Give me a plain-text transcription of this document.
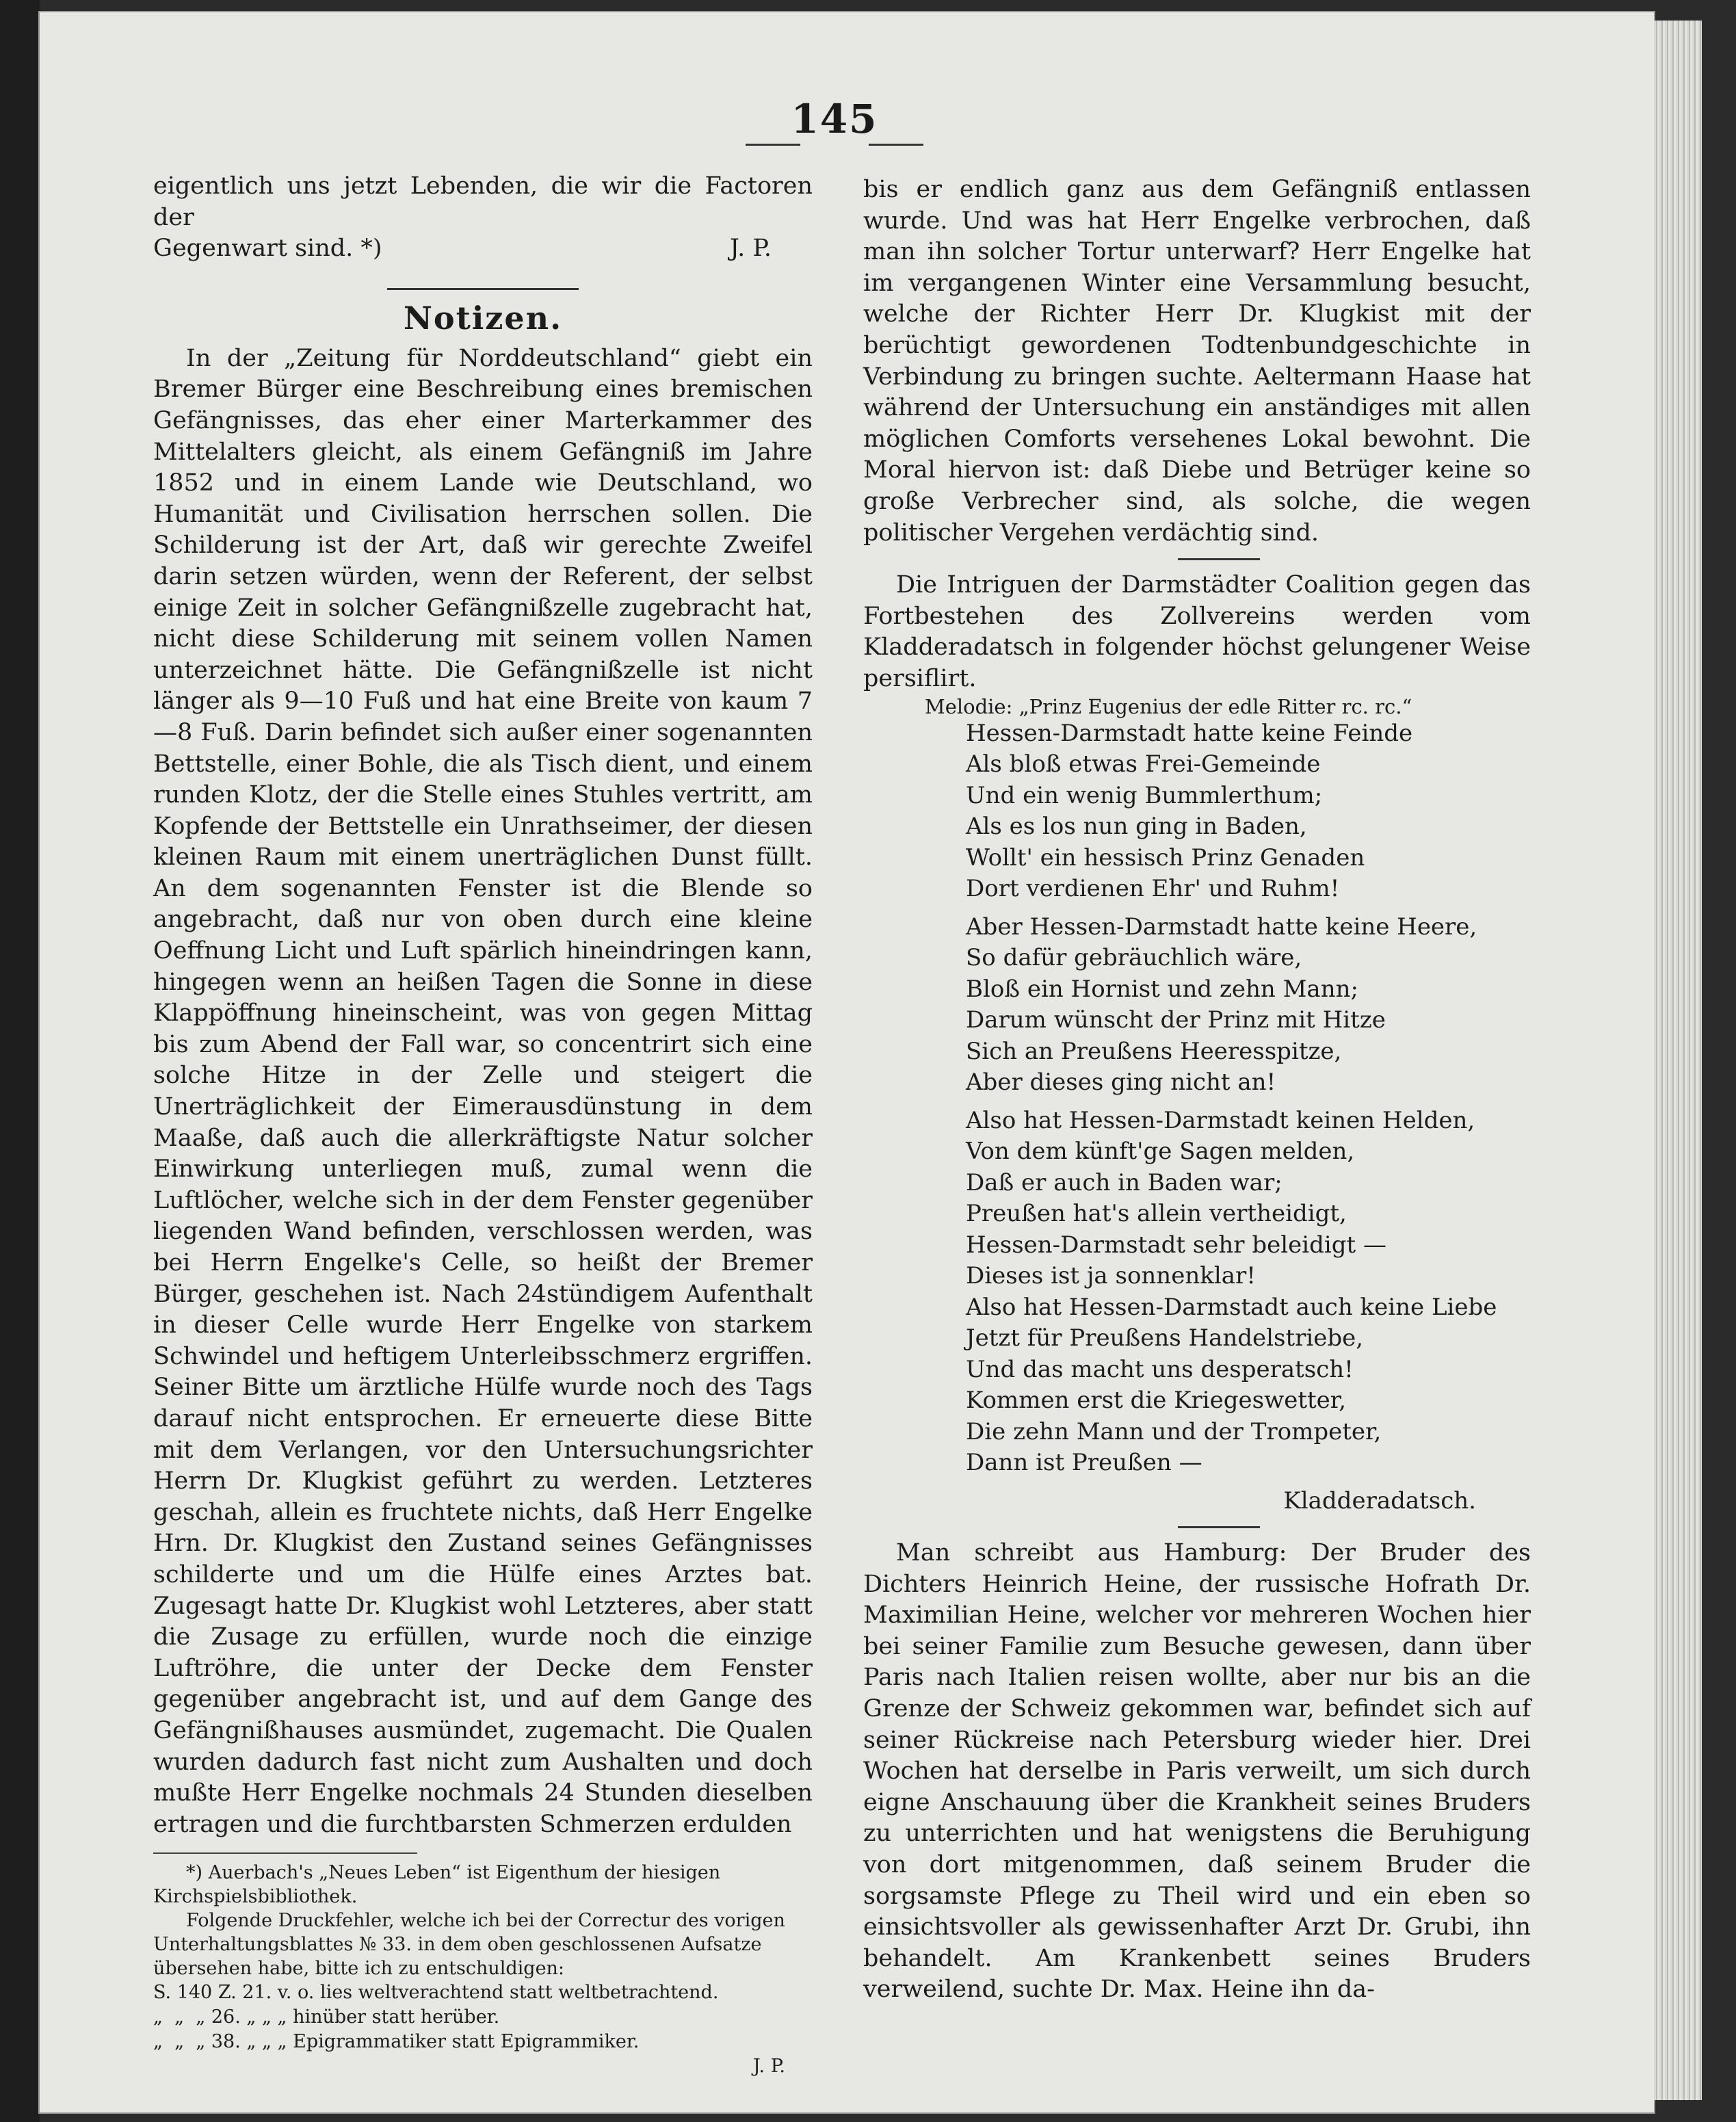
145

eigentlich uns jetzt Lebenden, die wir die Factoren der

Gegenwart sind. *)	J. P.
Notizen.

In der „Zeitung für Norddeutschland“ giebt ein Bremer Bürger eine Beschreibung eines bremischen Gefängnisses, das eher einer Marterkammer des Mittelalters gleicht, als einem Gefängniß im Jahre 1852 und in einem Lande wie Deutschland, wo Humanität und Civilisation herrschen sollen. Die Schilderung ist der Art, daß wir gerechte Zweifel darin setzen würden, wenn der Referent, der selbst einige Zeit in solcher Gefängnißzelle zugebracht hat, nicht diese Schilderung mit seinem vollen Namen unterzeichnet hätte. Die Gefängnißzelle ist nicht länger als 9—10 Fuß und hat eine Breite von kaum 7—8 Fuß. Darin befindet sich außer einer sogenannten Bettstelle, einer Bohle, die als Tisch dient, und einem runden Klotz, der die Stelle eines Stuhles vertritt, am Kopfende der Bettstelle ein Unrathseimer, der diesen kleinen Raum mit einem unerträglichen Dunst füllt. An dem sogenannten Fenster ist die Blende so angebracht, daß nur von oben durch eine kleine Oeffnung Licht und Luft spärlich hineindringen kann, hingegen wenn an heißen Tagen die Sonne in diese Klappöffnung hineinscheint, was von gegen Mittag bis zum Abend der Fall war, so concentrirt sich eine solche Hitze in der Zelle und steigert die Unerträglichkeit der Eimerausdünstung in dem Maaße, daß auch die allerkräftigste Natur solcher Einwirkung unterliegen muß, zumal wenn die Luftlöcher, welche sich in der dem Fenster gegenüber liegenden Wand befinden, verschlossen werden, was bei Herrn Engelke's Celle, so heißt der Bremer Bürger, geschehen ist. Nach 24stündigem Aufenthalt in dieser Celle wurde Herr Engelke von starkem Schwindel und heftigem Unterleibsschmerz ergriffen. Seiner Bitte um ärztliche Hülfe wurde noch des Tags darauf nicht entsprochen. Er erneuerte diese Bitte mit dem Verlangen, vor den Untersuchungsrichter Herrn Dr. Klugkist geführt zu werden. Letzteres geschah, allein es fruchtete nichts, daß Herr Engelke Hrn. Dr. Klugkist den Zustand seines Gefängnisses schilderte und um die Hülfe eines Arztes bat. Zugesagt hatte Dr. Klugkist wohl Letzteres, aber statt die Zusage zu erfüllen, wurde noch die einzige Luftröhre, die unter der Decke dem Fenster gegenüber angebracht ist, und auf dem Gange des Gefängnißhauses ausmündet, zugemacht. Die Qualen wurden dadurch fast nicht zum Aushalten und doch mußte Herr Engelke nochmals 24 Stunden dieselben ertragen und die furchtbarsten Schmerzen erdulden

*) Auerbach's „Neues Leben“ ist Eigenthum der hiesigen Kirchspielsbibliothek.

Folgende Druckfehler, welche ich bei der Correctur des vorigen Unterhaltungsblattes № 33. in dem oben geschlossenen Aufsatze übersehen habe, bitte ich zu entschuldigen:

S. 140 Z. 21. v. o. lies weltverachtend statt weltbetrachtend.
„  „  „ 26. „ „ „ hinüber statt herüber.
„  „  „ 38. „ „ „ Epigrammatiker statt Epigrammiker.

J. P.

bis er endlich ganz aus dem Gefängniß entlassen wurde. Und was hat Herr Engelke verbrochen, daß man ihn solcher Tortur unterwarf? Herr Engelke hat im vergangenen Winter eine Versammlung besucht, welche der Richter Herr Dr. Klugkist mit der berüchtigt gewordenen Todtenbundgeschichte in Verbindung zu bringen suchte. Aeltermann Haase hat während der Untersuchung ein anständiges mit allen möglichen Comforts versehenes Lokal bewohnt. Die Moral hiervon ist: daß Diebe und Betrüger keine so große Verbrecher sind, als solche, die wegen politischer Vergehen verdächtig sind.

Die Intriguen der Darmstädter Coalition gegen das Fortbestehen des Zollvereins werden vom Kladderadatsch in folgender höchst gelungener Weise persiflirt.

Melodie: „Prinz Eugenius der edle Ritter rc. rc.“

Hessen-Darmstadt hatte keine Feinde
Als bloß etwas Frei-Gemeinde
Und ein wenig Bummlerthum;
Als es los nun ging in Baden,
Wollt' ein hessisch Prinz Genaden
Dort verdienen Ehr' und Ruhm!
Aber Hessen-Darmstadt hatte keine Heere,
So dafür gebräuchlich wäre,
Bloß ein Hornist und zehn Mann;
Darum wünscht der Prinz mit Hitze
Sich an Preußens Heeresspitze,
Aber dieses ging nicht an!
Also hat Hessen-Darmstadt keinen Helden,
Von dem künft'ge Sagen melden,
Daß er auch in Baden war;
Preußen hat's allein vertheidigt,
Hessen-Darmstadt sehr beleidigt —
Dieses ist ja sonnenklar!
Also hat Hessen-Darmstadt auch keine Liebe
Jetzt für Preußens Handelstriebe,
Und das macht uns desperatsch!
Kommen erst die Kriegeswetter,
Die zehn Mann und der Trompeter,
Dann ist Preußen —
Kladderadatsch.

Man schreibt aus Hamburg: Der Bruder des Dichters Heinrich Heine, der russische Hofrath Dr. Maximilian Heine, welcher vor mehreren Wochen hier bei seiner Familie zum Besuche gewesen, dann über Paris nach Italien reisen wollte, aber nur bis an die Grenze der Schweiz gekommen war, befindet sich auf seiner Rückreise nach Petersburg wieder hier. Drei Wochen hat derselbe in Paris verweilt, um sich durch eigne Anschauung über die Krankheit seines Bruders zu unterrichten und hat wenigstens die Beruhigung von dort mitgenommen, daß seinem Bruder die sorgsamste Pflege zu Theil wird und ein eben so einsichtsvoller als gewissenhafter Arzt Dr. Grubi, ihn behandelt. Am Krankenbett seines Bruders verweilend, suchte Dr. Max. Heine ihn da-
